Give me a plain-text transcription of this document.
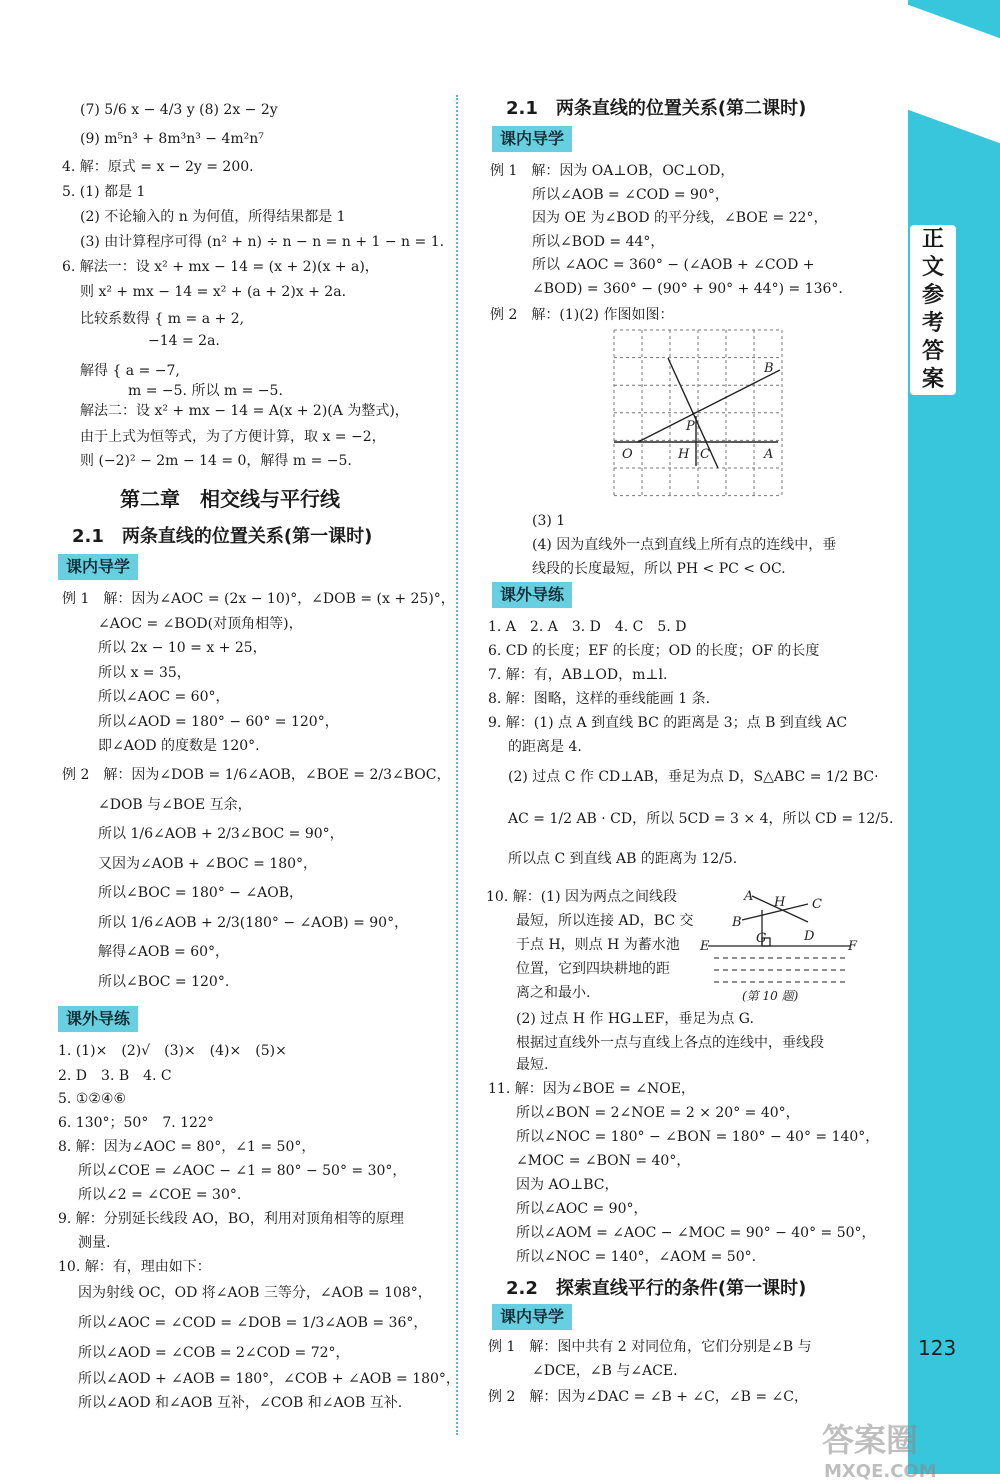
正
文
参
考
答
案
(7) 5/6 x − 4/3 y (8) 2x − 2y
(9) m⁵n³ + 8m³n³ − 4m²n⁷
4. 解：原式 = x − 2y = 200.
5. (1) 都是 1
(2) 不论输入的 n 为何值，所得结果都是 1
(3) 由计算程序可得 (n² + n) ÷ n − n = n + 1 − n = 1.
6. 解法一：设 x² + mx − 14 = (x + 2)(x + a)，
则 x² + mx − 14 = x² + (a + 2)x + 2a.
比较系数得 { m = a + 2,
−14 = 2a.
解得 { a = −7,
m = −5. 所以 m = −5.
解法二：设 x² + mx − 14 = A(x + 2)(A 为整式)，
由于上式为恒等式，为了方便计算，取 x = −2，
则 (−2)² − 2m − 14 = 0，解得 m = −5.
第二章　相交线与平行线
2.1　两条直线的位置关系(第一课时)
课内导学
例 1　解：因为∠AOC = (2x − 10)°，∠DOB = (x + 25)°，
∠AOC = ∠BOD(对顶角相等)，
所以 2x − 10 = x + 25，
所以 x = 35，
所以∠AOC = 60°，
所以∠AOD = 180° − 60° = 120°，
即∠AOD 的度数是 120°.
例 2　解：因为∠DOB = 1/6∠AOB，∠BOE = 2/3∠BOC，
∠DOB 与∠BOE 互余，
所以 1/6∠AOB + 2/3∠BOC = 90°，
又因为∠AOB + ∠BOC = 180°，
所以∠BOC = 180° − ∠AOB，
所以 1/6∠AOB + 2/3(180° − ∠AOB) = 90°，
解得∠AOB = 60°，
所以∠BOC = 120°.
课外导练
1. (1)×　(2)√　(3)×　(4)×　(5)×
2. D　3. B　4. C
5. ①②④⑥
6. 130°；50°　7. 122°
8. 解：因为∠AOC = 80°，∠1 = 50°，
所以∠COE = ∠AOC − ∠1 = 80° − 50° = 30°，
所以∠2 = ∠COE = 30°.
9. 解：分别延长线段 AO，BO，利用对顶角相等的原理
测量.
10. 解：有，理由如下：
因为射线 OC，OD 将∠AOB 三等分，∠AOB = 108°，
所以∠AOC = ∠COD = ∠DOB = 1/3∠AOB = 36°，
所以∠AOD = ∠COB = 2∠COD = 72°，
所以∠AOD + ∠AOB = 180°，∠COB + ∠AOB = 180°，
所以∠AOD 和∠AOB 互补，∠COB 和∠AOB 互补.
2.1　两条直线的位置关系(第二课时)
课内导学
例 1　解：因为 OA⊥OB，OC⊥OD，
所以∠AOB = ∠COD = 90°，
因为 OE 为∠BOD 的平分线，∠BOE = 22°，
所以∠BOD = 44°，
所以 ∠AOC = 360° − (∠AOB + ∠COD +
∠BOD) = 360° − (90° + 90° + 44°) = 136°.
例 2　解：(1)(2) 作图如图：
(3) 1
(4) 因为直线外一点到直线上所有点的连线中，垂
线段的长度最短，所以 PH < PC < OC.
课外导练
1. A　2. A　3. D　4. C　5. D
6. CD 的长度；EF 的长度；OD 的长度；OF 的长度
7. 解：有，AB⊥OD，m⊥l.
8. 解：图略，这样的垂线能画 1 条.
9. 解：(1) 点 A 到直线 BC 的距离是 3；点 B 到直线 AC
的距离是 4.
(2) 过点 C 作 CD⊥AB，垂足为点 D，S△ABC = 1/2 BC·
AC = 1/2 AB · CD，所以 5CD = 3 × 4，所以 CD = 12/5.
所以点 C 到直线 AB 的距离为 12/5.
10. 解：(1) 因为两点之间线段
最短，所以连接 AD，BC 交
于点 H，则点 H 为蓄水池
位置，它到四块耕地的距
离之和最小.
(2) 过点 H 作 HG⊥EF，垂足为点 G.
根据过直线外一点与直线上各点的连线中，垂线段
最短.
11. 解：因为∠BOE = ∠NOE，
所以∠BON = 2∠NOE = 2 × 20° = 40°，
所以∠NOC = 180° − ∠BON = 180° − 40° = 140°，
∠MOC = ∠BON = 40°，
因为 AO⊥BC，
所以∠AOC = 90°，
所以∠AOM = ∠AOC − ∠MOC = 90° − 40° = 50°，
所以∠NOC = 140°，∠AOM = 50°.
2.2　探索直线平行的条件(第一课时)
课内导学
例 1　解：图中共有 2 对同位角，它们分别是∠B 与
∠DCE，∠B 与∠ACE.
例 2　解：因为∠DAC = ∠B + ∠C，∠B = ∠C，
B
P
O	H C	A
A H C
B
G	D
E	F
(第 10 题)
123
答案圈
MXQE.COM
